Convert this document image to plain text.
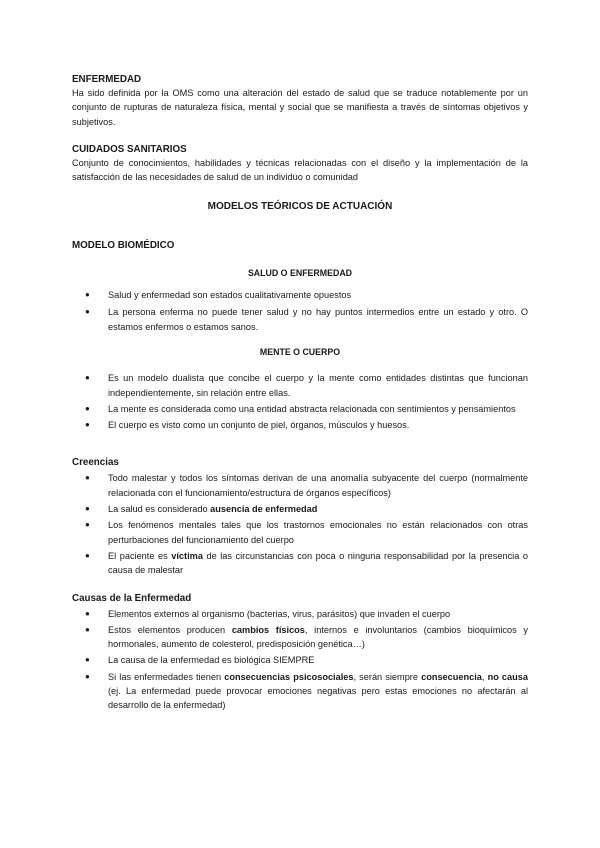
ENFERMEDAD

Ha sido definida por la OMS como una alteración del estado de salud que se traduce notablemente por un conjunto de rupturas de naturaleza física, mental y social que se manifiesta a través de síntomas objetivos y subjetivos.

CUIDADOS SANITARIOS

Conjunto de conocimientos, habilidades y técnicas relacionadas con el diseño y la implementación de la satisfacción de las necesidades de salud de un individuo o comunidad

MODELOS TEÓRICOS DE ACTUACIÓN

MODELO BIOMÉDICO

SALUD O ENFERMEDAD

● Salud y enfermedad son estados cualitativamente opuestos
● La persona enferma no puede tener salud y no hay puntos intermedios entre un estado y otro. O estamos enfermos o estamos sanos.

MENTE O CUERPO

● Es un modelo dualista que concibe el cuerpo y la mente como entidades distintas que funcionan independientemente, sin relación entre ellas.
● La mente es considerada como una entidad abstracta relacionada con sentimientos y pensamientos
● El cuerpo es visto como un conjunto de piel, órganos, músculos y huesos.

Creencias

● Todo malestar y todos los síntomas derivan de una anomalía subyacente del cuerpo (normalmente relacionada con el funcionamiento/estructura de órganos específicos)
● La salud es considerado ausencia de enfermedad
● Los fenómenos mentales tales que los trastornos emocionales no están relacionados con otras perturbaciones del funcionamiento del cuerpo
● El paciente es víctima de las circunstancias con poca o ninguna responsabilidad por la presencia o causa de malestar

Causas de la Enfermedad

● Elementos externos al organismo (bacterias, virus, parásitos) que invaden el cuerpo
● Estos elementos producen cambios físicos, internos e involuntarios (cambios bioquímicos y hormonales, aumento de colesterol, predisposición genética…)
● La causa de la enfermedad es biológica SIEMPRE
● Si las enfermedades tienen consecuencias psicosociales, serán siempre consecuencia, no causa (ej. La enfermedad puede provocar emociones negativas pero estas emociones no afectarán al desarrollo de la enfermedad)
